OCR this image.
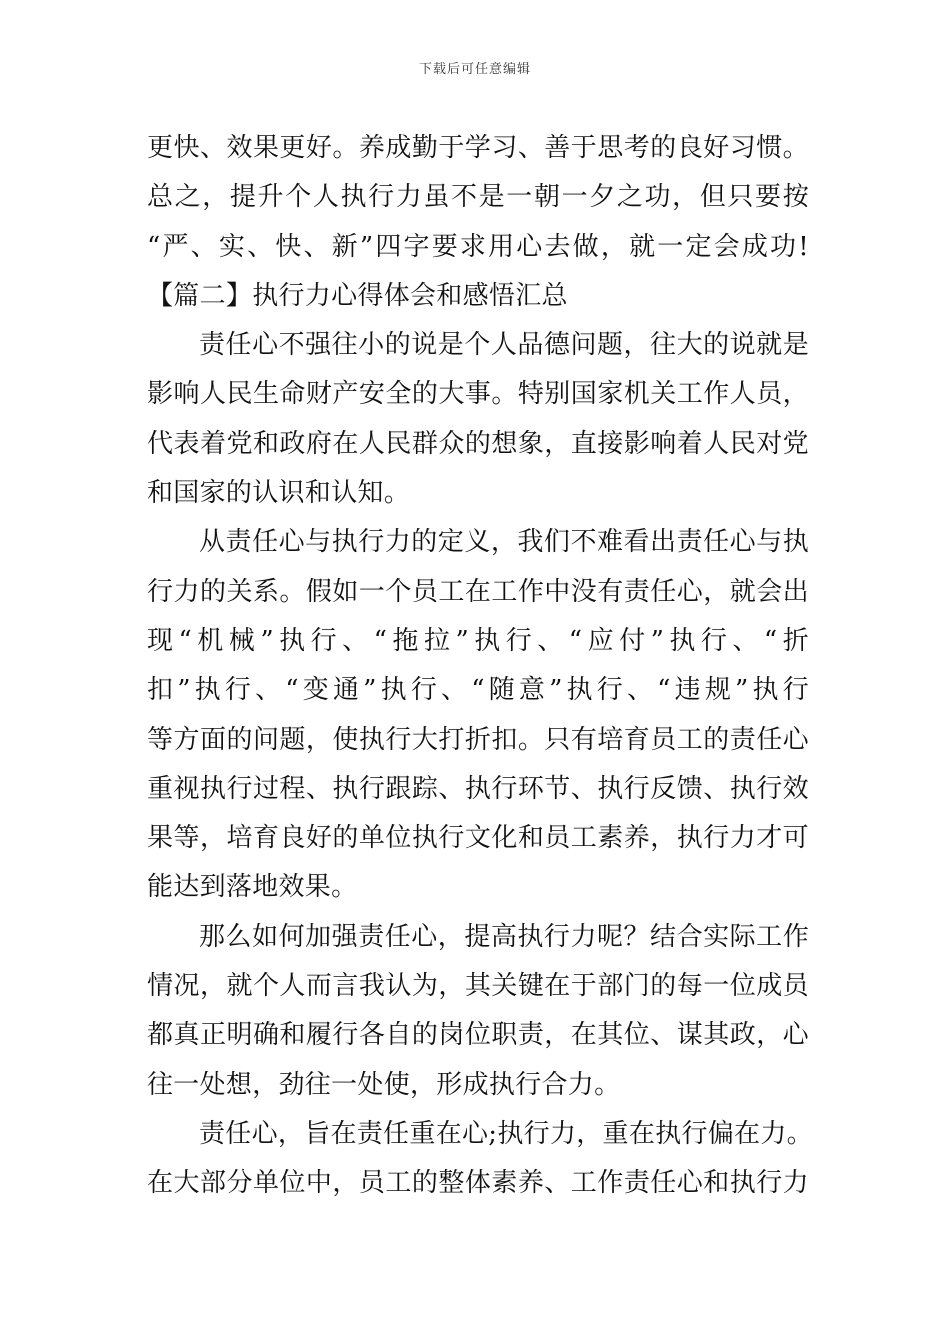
下载后可任意编辑
更快、效果更好。养成勤于学习、善于思考的良好习惯。
总之，提升个人执行力虽不是一朝一夕之功，但只要按
“严、实、快、新”四字要求用心去做，就一定会成功!
【篇二】执行力心得体会和感悟汇总
责任心不强往小的说是个人品德问题，往大的说就是
影响人民生命财产安全的大事。特别国家机关工作人员，
代表着党和政府在人民群众的想象，直接影响着人民对党
和国家的认识和认知。
从责任心与执行力的定义，我们不难看出责任心与执
行力的关系。假如一个员工在工作中没有责任心，就会出
现“机械”执行、“拖拉”执行、“应付”执行、“折
扣”执行、“变通”执行、“随意”执行、“违规”执行
等方面的问题，使执行大打折扣。只有培育员工的责任心
重视执行过程、执行跟踪、执行环节、执行反馈、执行效
果等，培育良好的单位执行文化和员工素养，执行力才可
能达到落地效果。
那么如何加强责任心，提高执行力呢？结合实际工作
情况，就个人而言我认为，其关键在于部门的每一位成员
都真正明确和履行各自的岗位职责，在其位、谋其政，心
往一处想，劲往一处使，形成执行合力。
责任心，旨在责任重在心;执行力，重在执行偏在力。
在大部分单位中，员工的整体素养、工作责任心和执行力
